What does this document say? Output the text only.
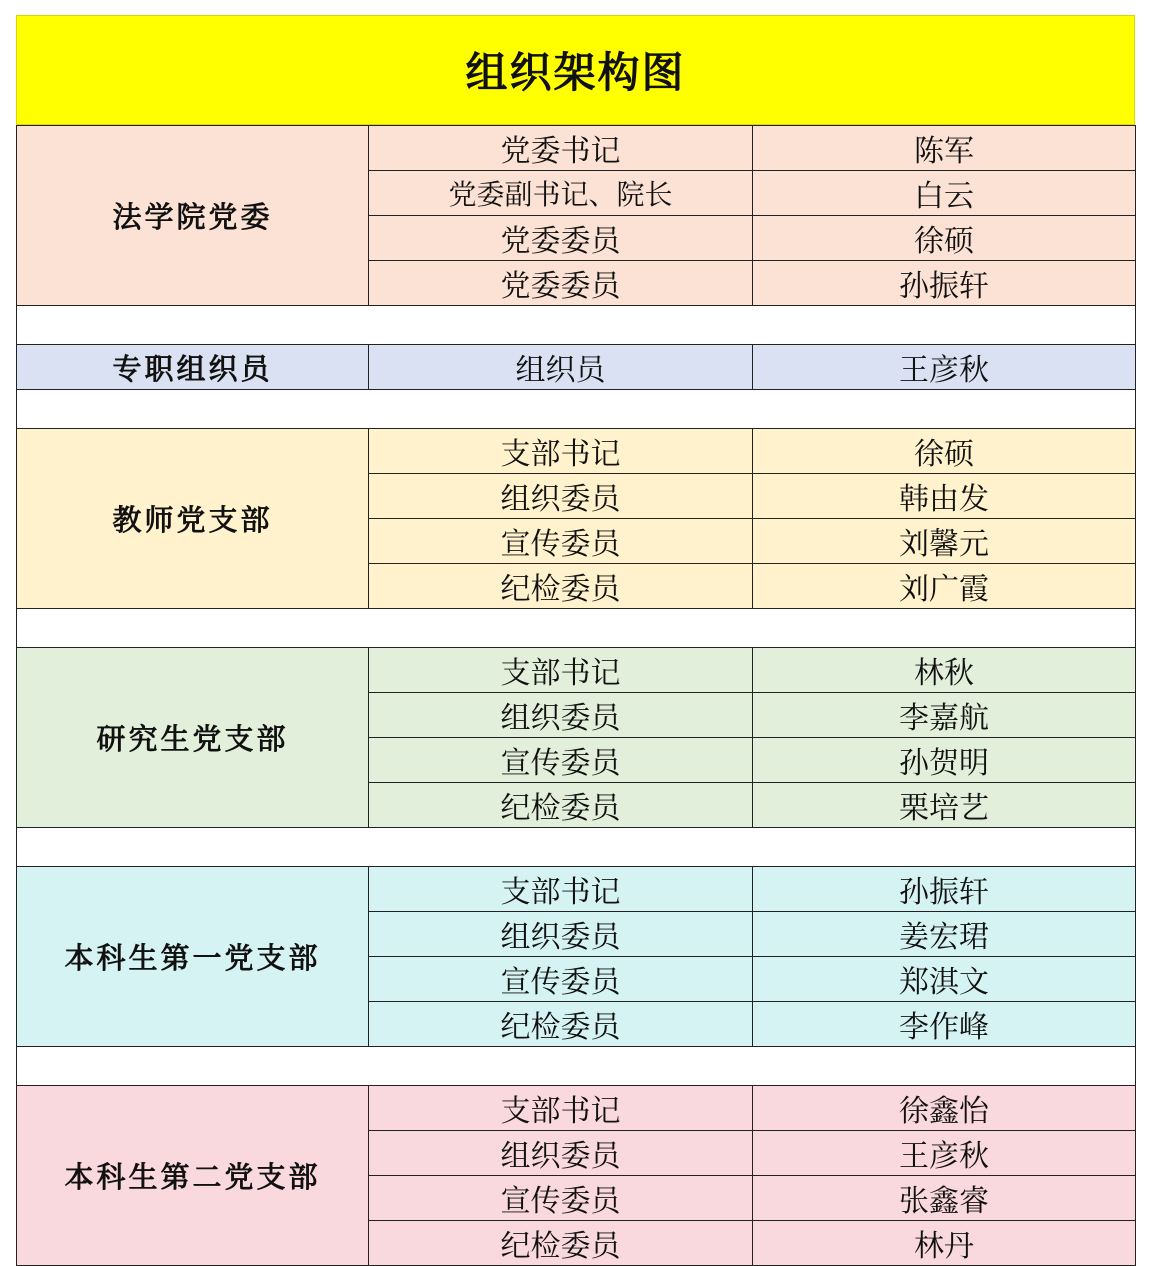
组织架构图
法学院党委	党委书记	陈军
	党委副书记、院长	白云
	党委委员	徐硕
	党委委员	孙振轩

专职组织员	组织员	王彦秋

教师党支部	支部书记	徐硕
	组织委员	韩由发
	宣传委员	刘馨元
	纪检委员	刘广霞

研究生党支部	支部书记	林秋
	组织委员	李嘉航
	宣传委员	孙贺明
	纪检委员	栗培艺

本科生第一党支部	支部书记	孙振轩
	组织委员	姜宏珺
	宣传委员	郑淇文
	纪检委员	李作峰

本科生第二党支部	支部书记	徐鑫怡
	组织委员	王彦秋
	宣传委员	张鑫睿
	纪检委员	林丹
